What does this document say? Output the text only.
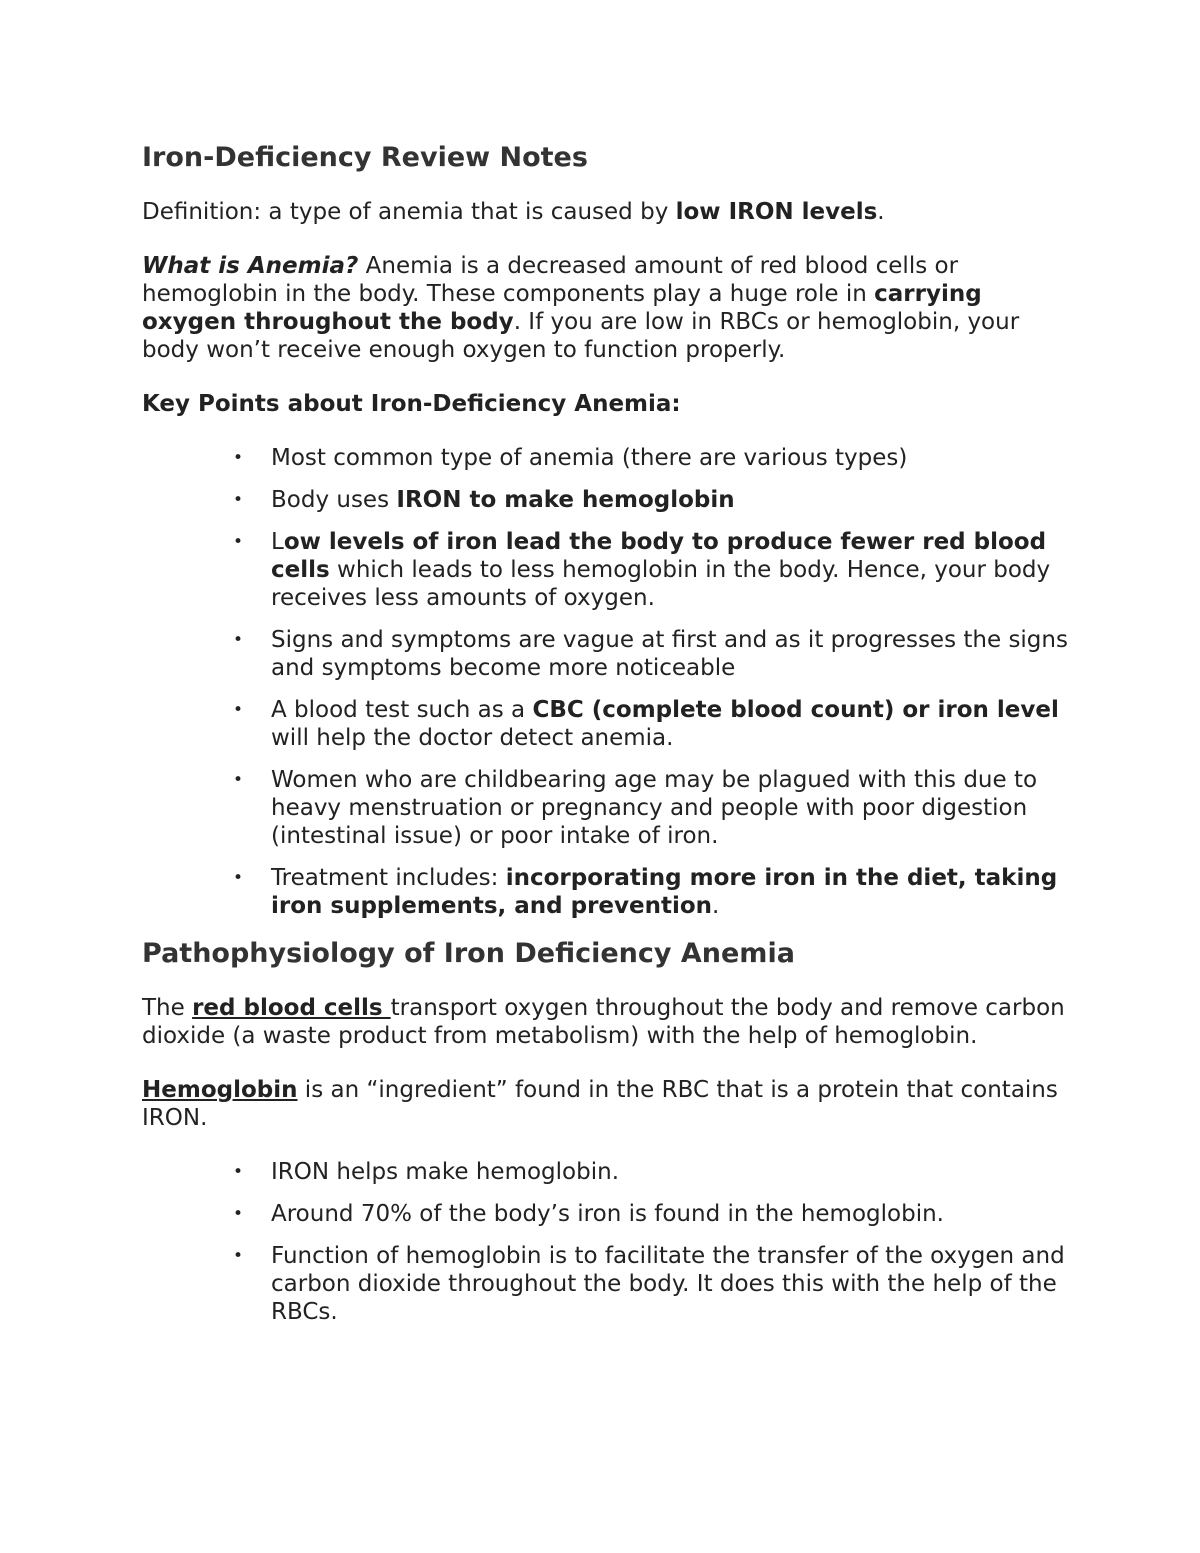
Iron-Deficiency Review Notes

Definition: a type of anemia that is caused by low IRON levels.

What is Anemia? Anemia is a decreased amount of red blood cells or hemoglobin in the body. These components play a huge role in carrying oxygen throughout the body. If you are low in RBCs or hemoglobin, your body won’t receive enough oxygen to function properly.

Key Points about Iron-Deficiency Anemia:

• Most common type of anemia (there are various types)
• Body uses IRON to make hemoglobin
• Low levels of iron lead the body to produce fewer red blood cells which leads to less hemoglobin in the body. Hence, your body receives less amounts of oxygen.
• Signs and symptoms are vague at first and as it progresses the signs and symptoms become more noticeable
• A blood test such as a CBC (complete blood count) or iron level will help the doctor detect anemia.
• Women who are childbearing age may be plagued with this due to heavy menstruation or pregnancy and people with poor digestion (intestinal issue) or poor intake of iron.
• Treatment includes: incorporating more iron in the diet, taking iron supplements, and prevention.
Pathophysiology of Iron Deficiency Anemia

The red blood cells transport oxygen throughout the body and remove carbon dioxide (a waste product from metabolism) with the help of hemoglobin.

Hemoglobin is an “ingredient” found in the RBC that is a protein that contains IRON.

• IRON helps make hemoglobin.
• Around 70% of the body’s iron is found in the hemoglobin.
• Function of hemoglobin is to facilitate the transfer of the oxygen and carbon dioxide throughout the body. It does this with the help of the RBCs.
